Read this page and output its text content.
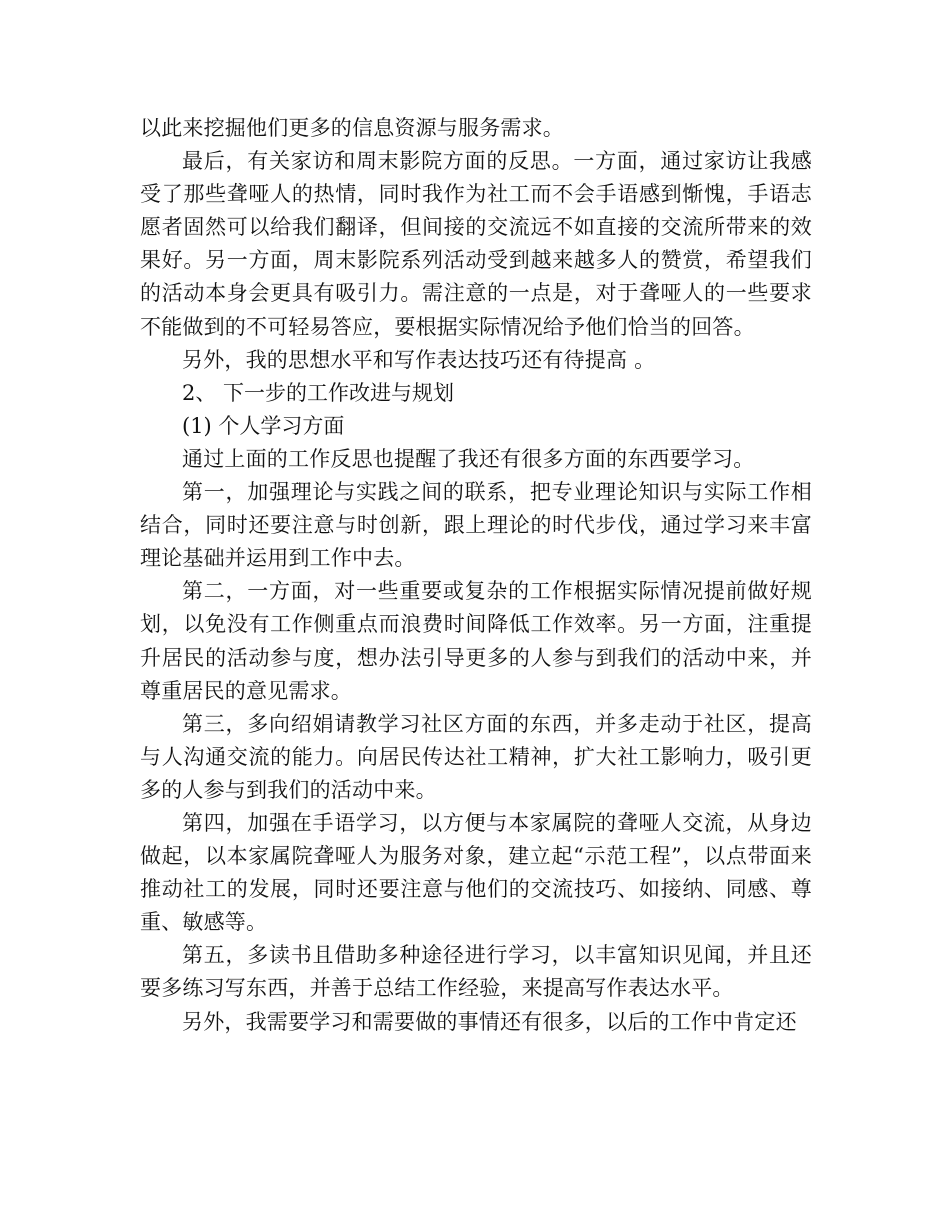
以此来挖掘他们更多的信息资源与服务需求。

最后，有关家访和周末影院方面的反思。一方面，通过家访让我感受了那些聋哑人的热情，同时我作为社工而不会手语感到惭愧，手语志愿者固然可以给我们翻译，但间接的交流远不如直接的交流所带来的效果好。另一方面，周末影院系列活动受到越来越多人的赞赏，希望我们的活动本身会更具有吸引力。需注意的一点是，对于聋哑人的一些要求不能做到的不可轻易答应，要根据实际情况给予他们恰当的回答。

另外，我的思想水平和写作表达技巧还有待提高 。

2、 下一步的工作改进与规划

(1) 个人学习方面

通过上面的工作反思也提醒了我还有很多方面的东西要学习。

第一，加强理论与实践之间的联系，把专业理论知识与实际工作相结合，同时还要注意与时创新，跟上理论的时代步伐，通过学习来丰富理论基础并运用到工作中去。

第二，一方面，对一些重要或复杂的工作根据实际情况提前做好规划，以免没有工作侧重点而浪费时间降低工作效率。另一方面，注重提升居民的活动参与度，想办法引导更多的人参与到我们的活动中来，并尊重居民的意见需求。

第三，多向绍娟请教学习社区方面的东西，并多走动于社区，提高与人沟通交流的能力。向居民传达社工精神，扩大社工影响力，吸引更多的人参与到我们的活动中来。

第四，加强在手语学习，以方便与本家属院的聋哑人交流，从身边做起，以本家属院聋哑人为服务对象，建立起“示范工程”，以点带面来推动社工的发展，同时还要注意与他们的交流技巧、如接纳、同感、尊重、敏感等。

第五，多读书且借助多种途径进行学习，以丰富知识见闻，并且还要多练习写东西，并善于总结工作经验，来提高写作表达水平。

另外，我需要学习和需要做的事情还有很多，以后的工作中肯定还
